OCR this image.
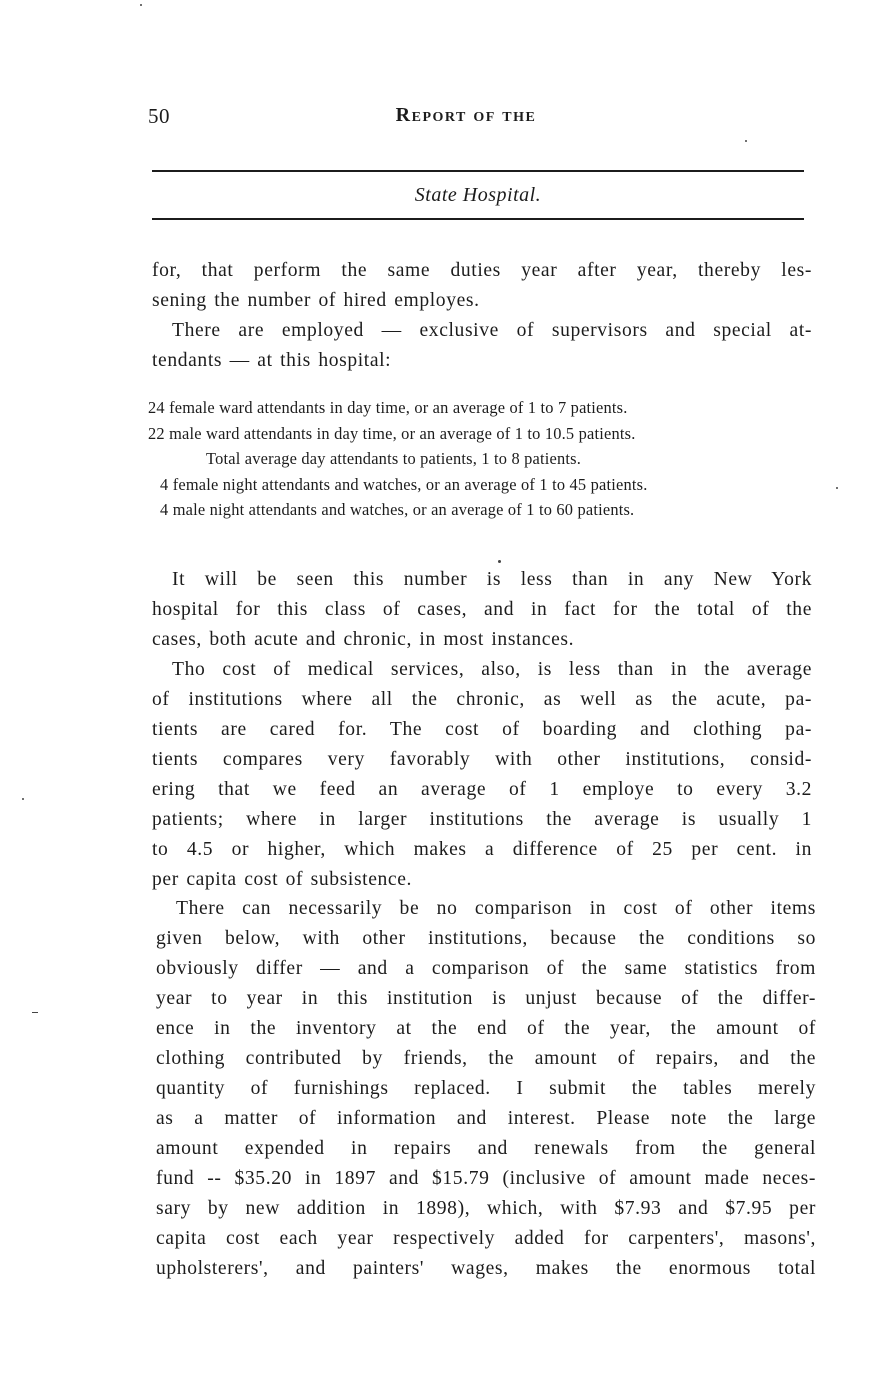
50	Report of the
State Hospital.
for, that perform the same duties year after year, thereby les-
sening the number of hired employes.
There are employed — exclusive of supervisors and special at-
tendants — at this hospital:
24 female ward attendants in day time, or an average of 1 to 7 patients.
22 male ward attendants in day time, or an average of 1 to 10.5 patients.
Total average day attendants to patients, 1 to 8 patients.
4 female night attendants and watches, or an average of 1 to 45 patients.
4 male night attendants and watches, or an average of 1 to 60 patients.
It will be seen this number is less than in any New York
hospital for this class of cases, and in fact for the total of the
cases, both acute and chronic, in most instances.
Tho cost of medical services, also, is less than in the average
of institutions where all the chronic, as well as the acute, pa-
tients are cared for. The cost of boarding and clothing pa-
tients compares very favorably with other institutions, consid-
ering that we feed an average of 1 employe to every 3.2
patients; where in larger institutions the average is usually 1
to 4.5 or higher, which makes a difference of 25 per cent. in
per capita cost of subsistence.
There can necessarily be no comparison in cost of other items
given below, with other institutions, because the conditions so
obviously differ — and a comparison of the same statistics from
year to year in this institution is unjust because of the differ-
ence in the inventory at the end of the year, the amount of
clothing contributed by friends, the amount of repairs, and the
quantity of furnishings replaced. I submit the tables merely
as a matter of information and interest. Please note the large
amount expended in repairs and renewals from the general
fund -- $35.20 in 1897 and $15.79 (inclusive of amount made neces-
sary by new addition in 1898), which, with $7.93 and $7.95 per
capita cost each year respectively added for carpenters', masons',
upholsterers', and painters' wages, makes the enormous total
